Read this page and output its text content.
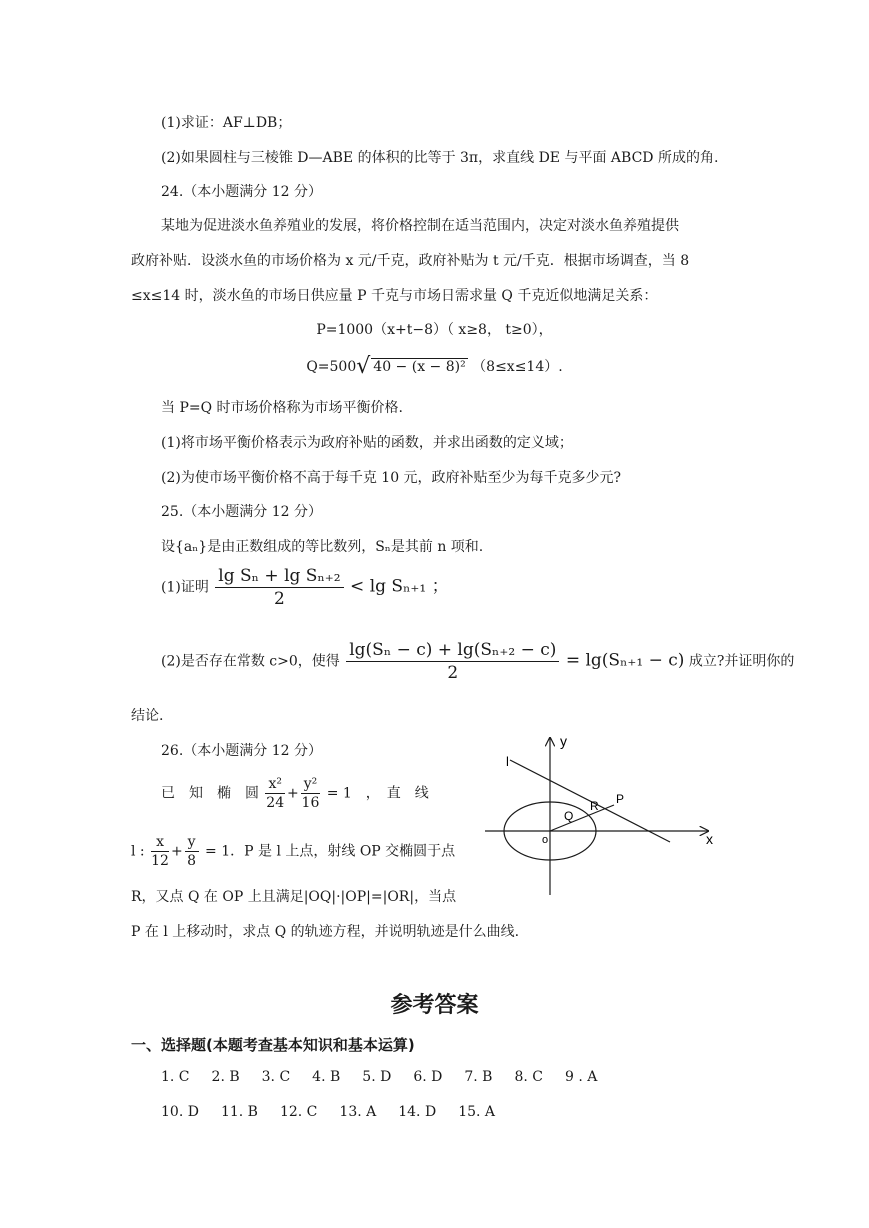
(1)求证：AF⊥DB；
(2)如果圆柱与三棱锥 D—ABE 的体积的比等于 3π，求直线 DE 与平面 ABCD 所成的角.
24.（本小题满分 12 分）
某地为促进淡水鱼养殖业的发展，将价格控制在适当范围内，决定对淡水鱼养殖提供
政府补贴．设淡水鱼的市场价格为 x 元/千克，政府补贴为 t 元/千克．根据市场调查，当 8
≤x≤14 时，淡水鱼的市场日供应量 P 千克与市场日需求量 Q 千克近似地满足关系：
P=1000（x+t−8）（ x≥8， t≥0），
Q=500√ 40 − (x − 8)² （8≤x≤14）.
当 P=Q 时市场价格称为市场平衡价格.
(1)将市场平衡价格表示为政府补贴的函数，并求出函数的定义域；
(2)为使市场平衡价格不高于每千克 10 元，政府补贴至少为每千克多少元?
25.（本小题满分 12 分）
设{aₙ}是由正数组成的等比数列，Sₙ是其前 n 项和.
(1)证明 $\frac{\text{lg Sₙ + lg Sₙ₊₂}}{2} < \lg S_{n+1}$ ；
(2)是否存在常数 c>0，使得 $\frac{\text{lg(Sₙ − c) + lg(Sₙ₊₂ − c)}}{2} = \lg(S_{n+1} - c)$ 成立?并证明你的
结论.
26.（本小题满分 12 分）
已　知　椭　圆 $\frac{\text{x²}}{24} + \frac{\text{y²}}{16} = 1$　，　直　线
l : $\frac{x}{12} + \frac{y}{8} = 1$．P 是 l 上点，射线 OP 交椭圆于点
R，又点 Q 在 OP 上且满足|OQ|·|OP|=|OR|，当点
P 在 l 上移动时，求点 Q 的轨迹方程，并说明轨迹是什么曲线.
y
x
l
P
R
Q
o
参考答案
一、选择题(本题考查基本知识和基本运算)
1. C 2. B 3. C 4. B 5. D 6. D 7. B 8. C 9 . A
10. D 11. B 12. C 13. A 14. D 15. A
